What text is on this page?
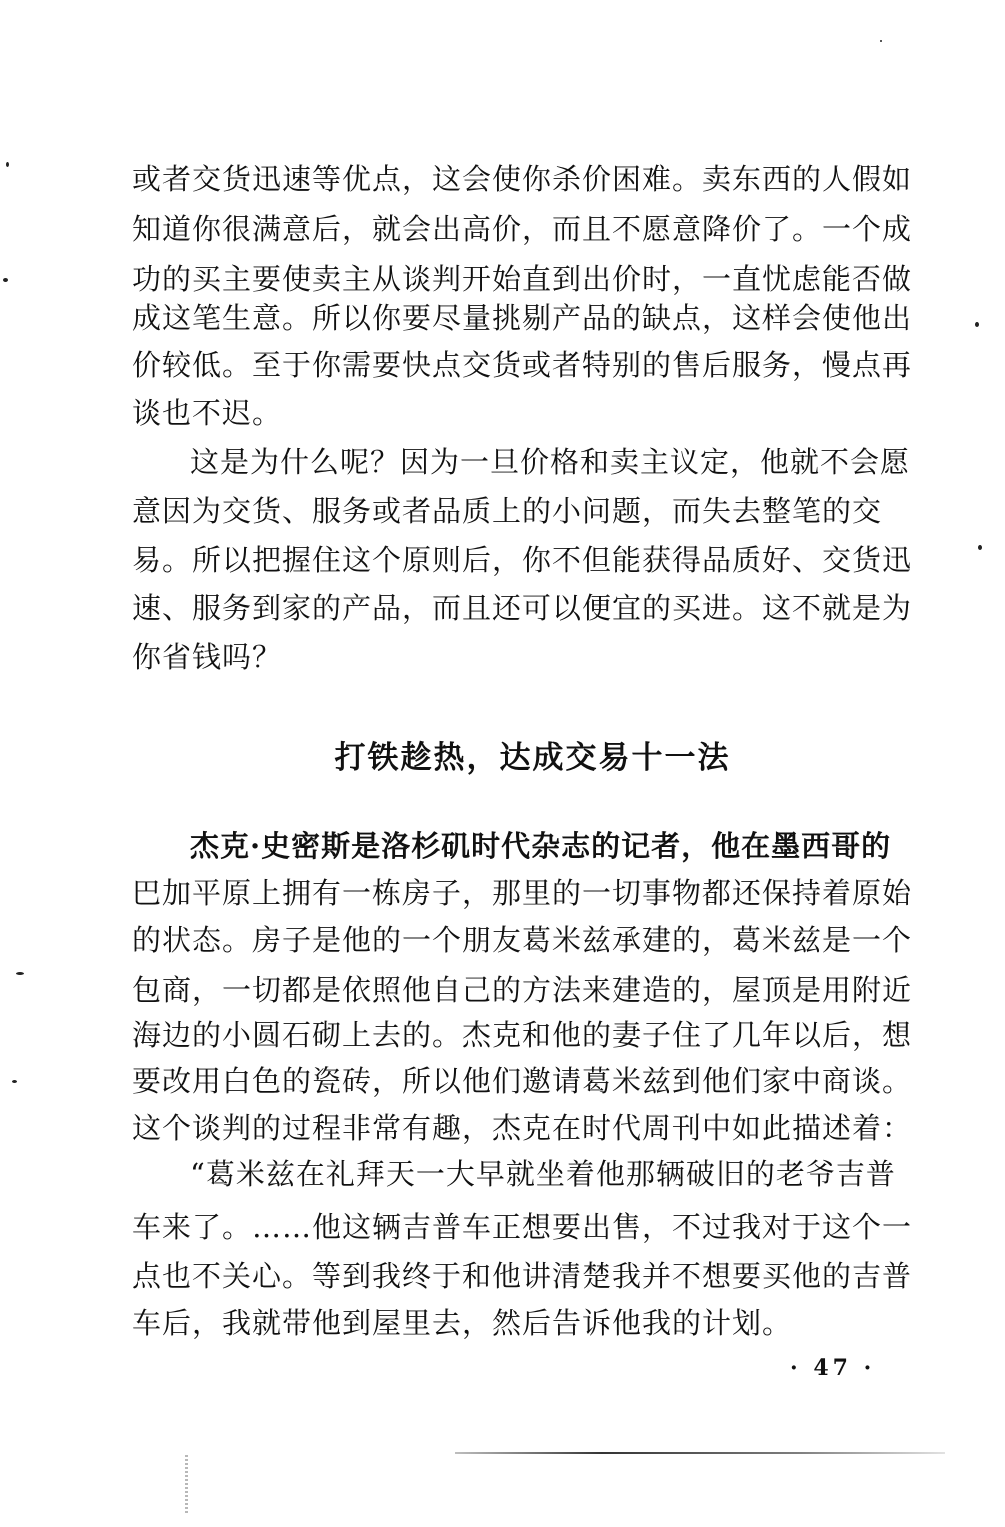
或者交货迅速等优点，这会使你杀价困难。卖东西的人假如
知道你很满意后，就会出高价，而且不愿意降价了。一个成
功的买主要使卖主从谈判开始直到出价时，一直忧虑能否做
成这笔生意。所以你要尽量挑剔产品的缺点，这样会使他出
价较低。至于你需要快点交货或者特别的售后服务，慢点再
谈也不迟。
这是为什么呢？因为一旦价格和卖主议定，他就不会愿
意因为交货、服务或者品质上的小问题，而失去整笔的交
易。所以把握住这个原则后，你不但能获得品质好、交货迅
速、服务到家的产品，而且还可以便宜的买进。这不就是为
你省钱吗？
打铁趁热，达成交易十一法
杰克·史密斯是洛杉矶时代杂志的记者，他在墨西哥的
巴加平原上拥有一栋房子，那里的一切事物都还保持着原始
的状态。房子是他的一个朋友葛米兹承建的，葛米兹是一个
包商，一切都是依照他自己的方法来建造的，屋顶是用附近
海边的小圆石砌上去的。杰克和他的妻子住了几年以后，想
要改用白色的瓷砖，所以他们邀请葛米兹到他们家中商谈。
这个谈判的过程非常有趣，杰克在时代周刊中如此描述着：
“葛米兹在礼拜天一大早就坐着他那辆破旧的老爷吉普
车来了。……他这辆吉普车正想要出售，不过我对于这个一
点也不关心。等到我终于和他讲清楚我并不想要买他的吉普
车后，我就带他到屋里去，然后告诉他我的计划。
· 47 ·
